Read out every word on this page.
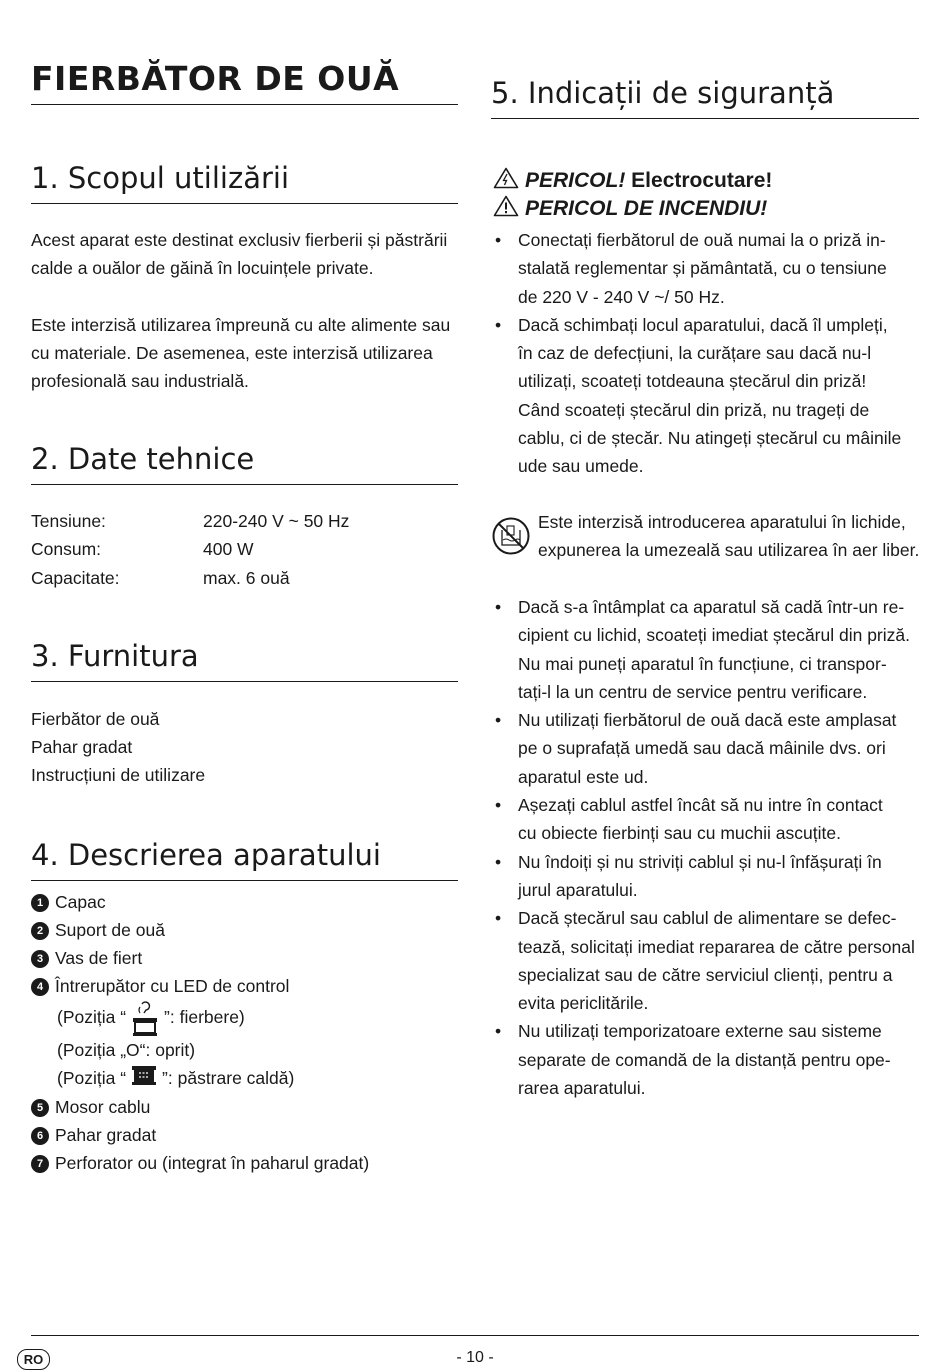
FIERBĂTOR DE OUĂ
1. Scopul utilizării

Acest aparat este destinat exclusiv fierberii și păstrării
calde a ouălor de găină în locuințele private.

Este interzisă utilizarea împreună cu alte alimente sau
cu materiale. De asemenea, este interzisă utilizarea
profesională sau industrială.

2. Date tehnice
Tensiune:	220-240 V ~ 50 Hz
Consum:	400 W
Capacitate:	max. 6 ouă
3. Furnitura

Fierbător de ouă
Pahar gradat
Instrucțiuni de utilizare

4. Descrierea aparatului
1 Capac
2 Suport de ouă
3 Vas de fiert
4 Întrerupător cu LED de control
(Poziția “ ”: fierbere)
(Poziția „O“: oprit)
(Poziția “ ”: păstrare caldă)
5 Mosor cablu
6 Pahar gradat
7 Perforator ou (integrat în paharul gradat)
5. Indicații de siguranță
PERICOL! Electrocutare!
PERICOL DE INCENDIU!
• Conectați fierbătorul de ouă numai la o priză in-
stalată reglementar și pământată, cu o tensiune
de 220 V - 240 V ~/ 50 Hz.
• Dacă schimbați locul aparatului, dacă îl umpleți,
în caz de defecțiuni, la curățare sau dacă nu-l
utilizați, scoateți totdeauna ștecărul din priză!
Când scoateți ștecărul din priză, nu trageți de
cablu, ci de ștecăr. Nu atingeți ștecărul cu mâinile
ude sau umede.
Este interzisă introducerea aparatului în lichide,
expunerea la umezeală sau utilizarea în aer liber.
• Dacă s-a întâmplat ca aparatul să cadă într-un re-
cipient cu lichid, scoateți imediat ștecărul din priză.
Nu mai puneți aparatul în funcțiune, ci transpor-
tați-l la un centru de service pentru verificare.
• Nu utilizați fierbătorul de ouă dacă este amplasat
pe o suprafață umedă sau dacă mâinile dvs. ori
aparatul este ud.
• Așezați cablul astfel încât să nu intre în contact
cu obiecte fierbinți sau cu muchii ascuțite.
• Nu îndoiți și nu striviți cablul și nu-l înfășurați în
jurul aparatului.
• Dacă ștecărul sau cablul de alimentare se defec-
tează, solicitați imediat repararea de către personal
specializat sau de către serviciul clienți, pentru a
evita periclitările.
• Nu utilizați temporizatoare externe sau sisteme
separate de comandă de la distanță pentru ope-
rarea aparatului.
RO	- 10 -
